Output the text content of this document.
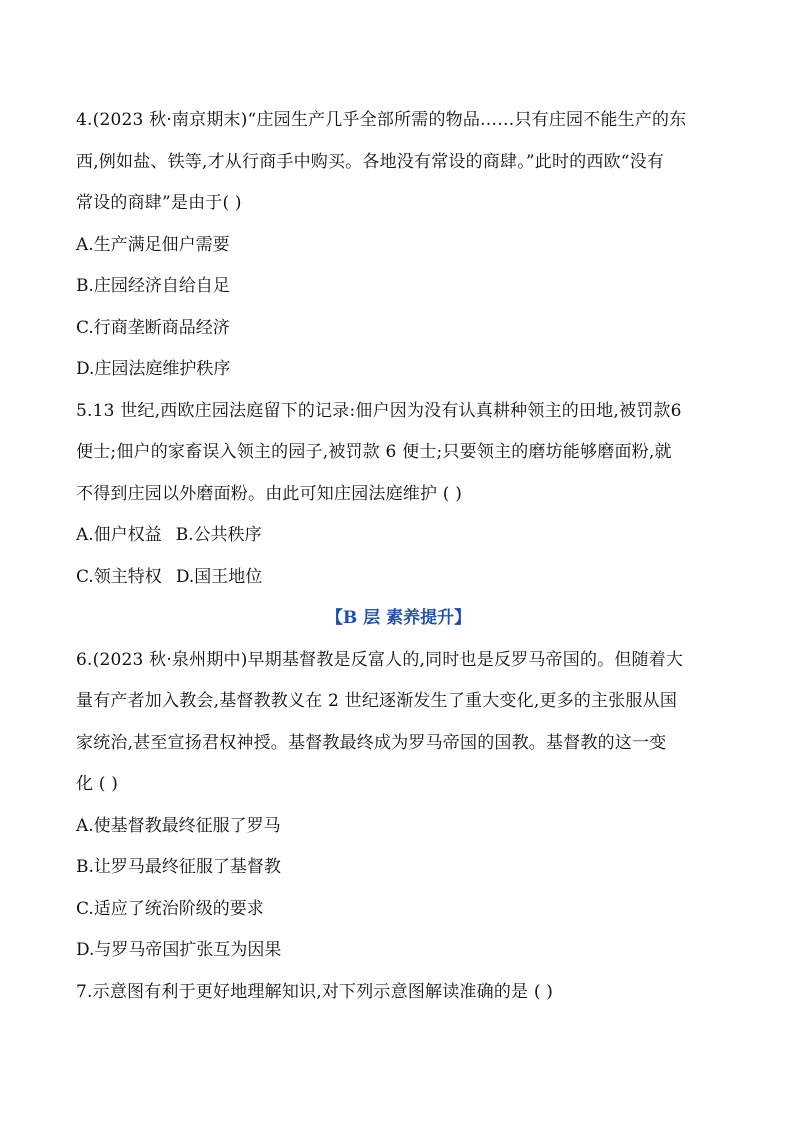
4.(2023 秋·南京期末)“庄园生产几乎全部所需的物品……只有庄园不能生产的东
西,例如盐、铁等,才从行商手中购买。各地没有常设的商肆。”此时的西欧“没有
常设的商肆”是由于( )
A.生产满足佃户需要
B.庄园经济自给自足
C.行商垄断商品经济
D.庄园法庭维护秩序
5.13 世纪,西欧庄园法庭留下的记录:佃户因为没有认真耕种领主的田地,被罚款6
便士;佃户的家畜误入领主的园子,被罚款 6 便士;只要领主的磨坊能够磨面粉,就
不得到庄园以外磨面粉。由此可知庄园法庭维护 ( )
A.佃户权益 B.公共秩序
C.领主特权 D.国王地位
【B 层 素养提升】
6.(2023 秋·泉州期中)早期基督教是反富人的,同时也是反罗马帝国的。但随着大
量有产者加入教会,基督教教义在 2 世纪逐渐发生了重大变化,更多的主张服从国
家统治,甚至宣扬君权神授。基督教最终成为罗马帝国的国教。基督教的这一变
化 ( )
A.使基督教最终征服了罗马
B.让罗马最终征服了基督教
C.适应了统治阶级的要求
D.与罗马帝国扩张互为因果
7.示意图有利于更好地理解知识,对下列示意图解读准确的是 ( )
